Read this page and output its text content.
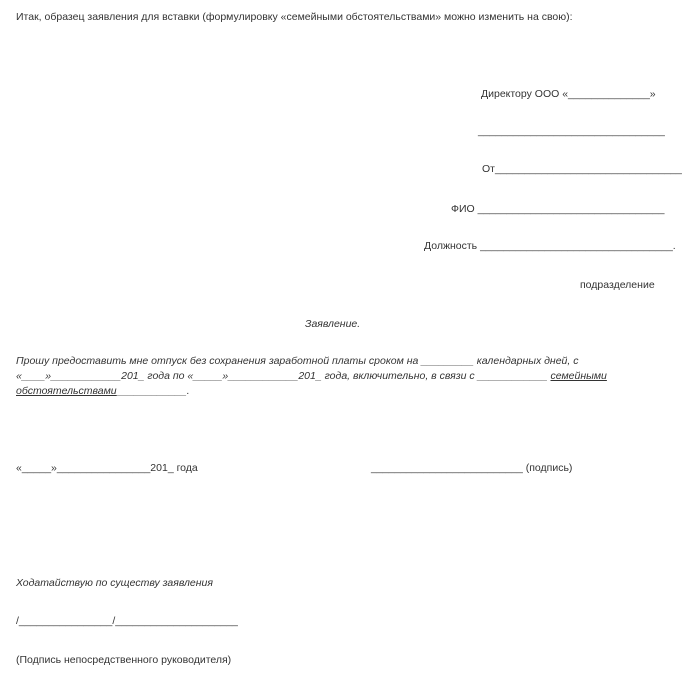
Итак, образец заявления для вставки (формулировку «семейными обстоятельствами» можно изменить на свою):
Директору ООО «______________»
________________________________
От________________________________
ФИО ________________________________
Должность _________________________________.
подразделение
Заявление.
Прошу предоставить мне отпуск без сохранения заработной платы сроком на _________ календарных дней, с
«____»____________201_ года по «_____»____________201_ года, включительно, в связи с ____________ семейными
обстоятельствами____________.
«_____»________________201_ года	__________________________ (подпись)
Ходатайствую по существу заявления
/________________/_____________________
(Подпись непосредственного руководителя)
